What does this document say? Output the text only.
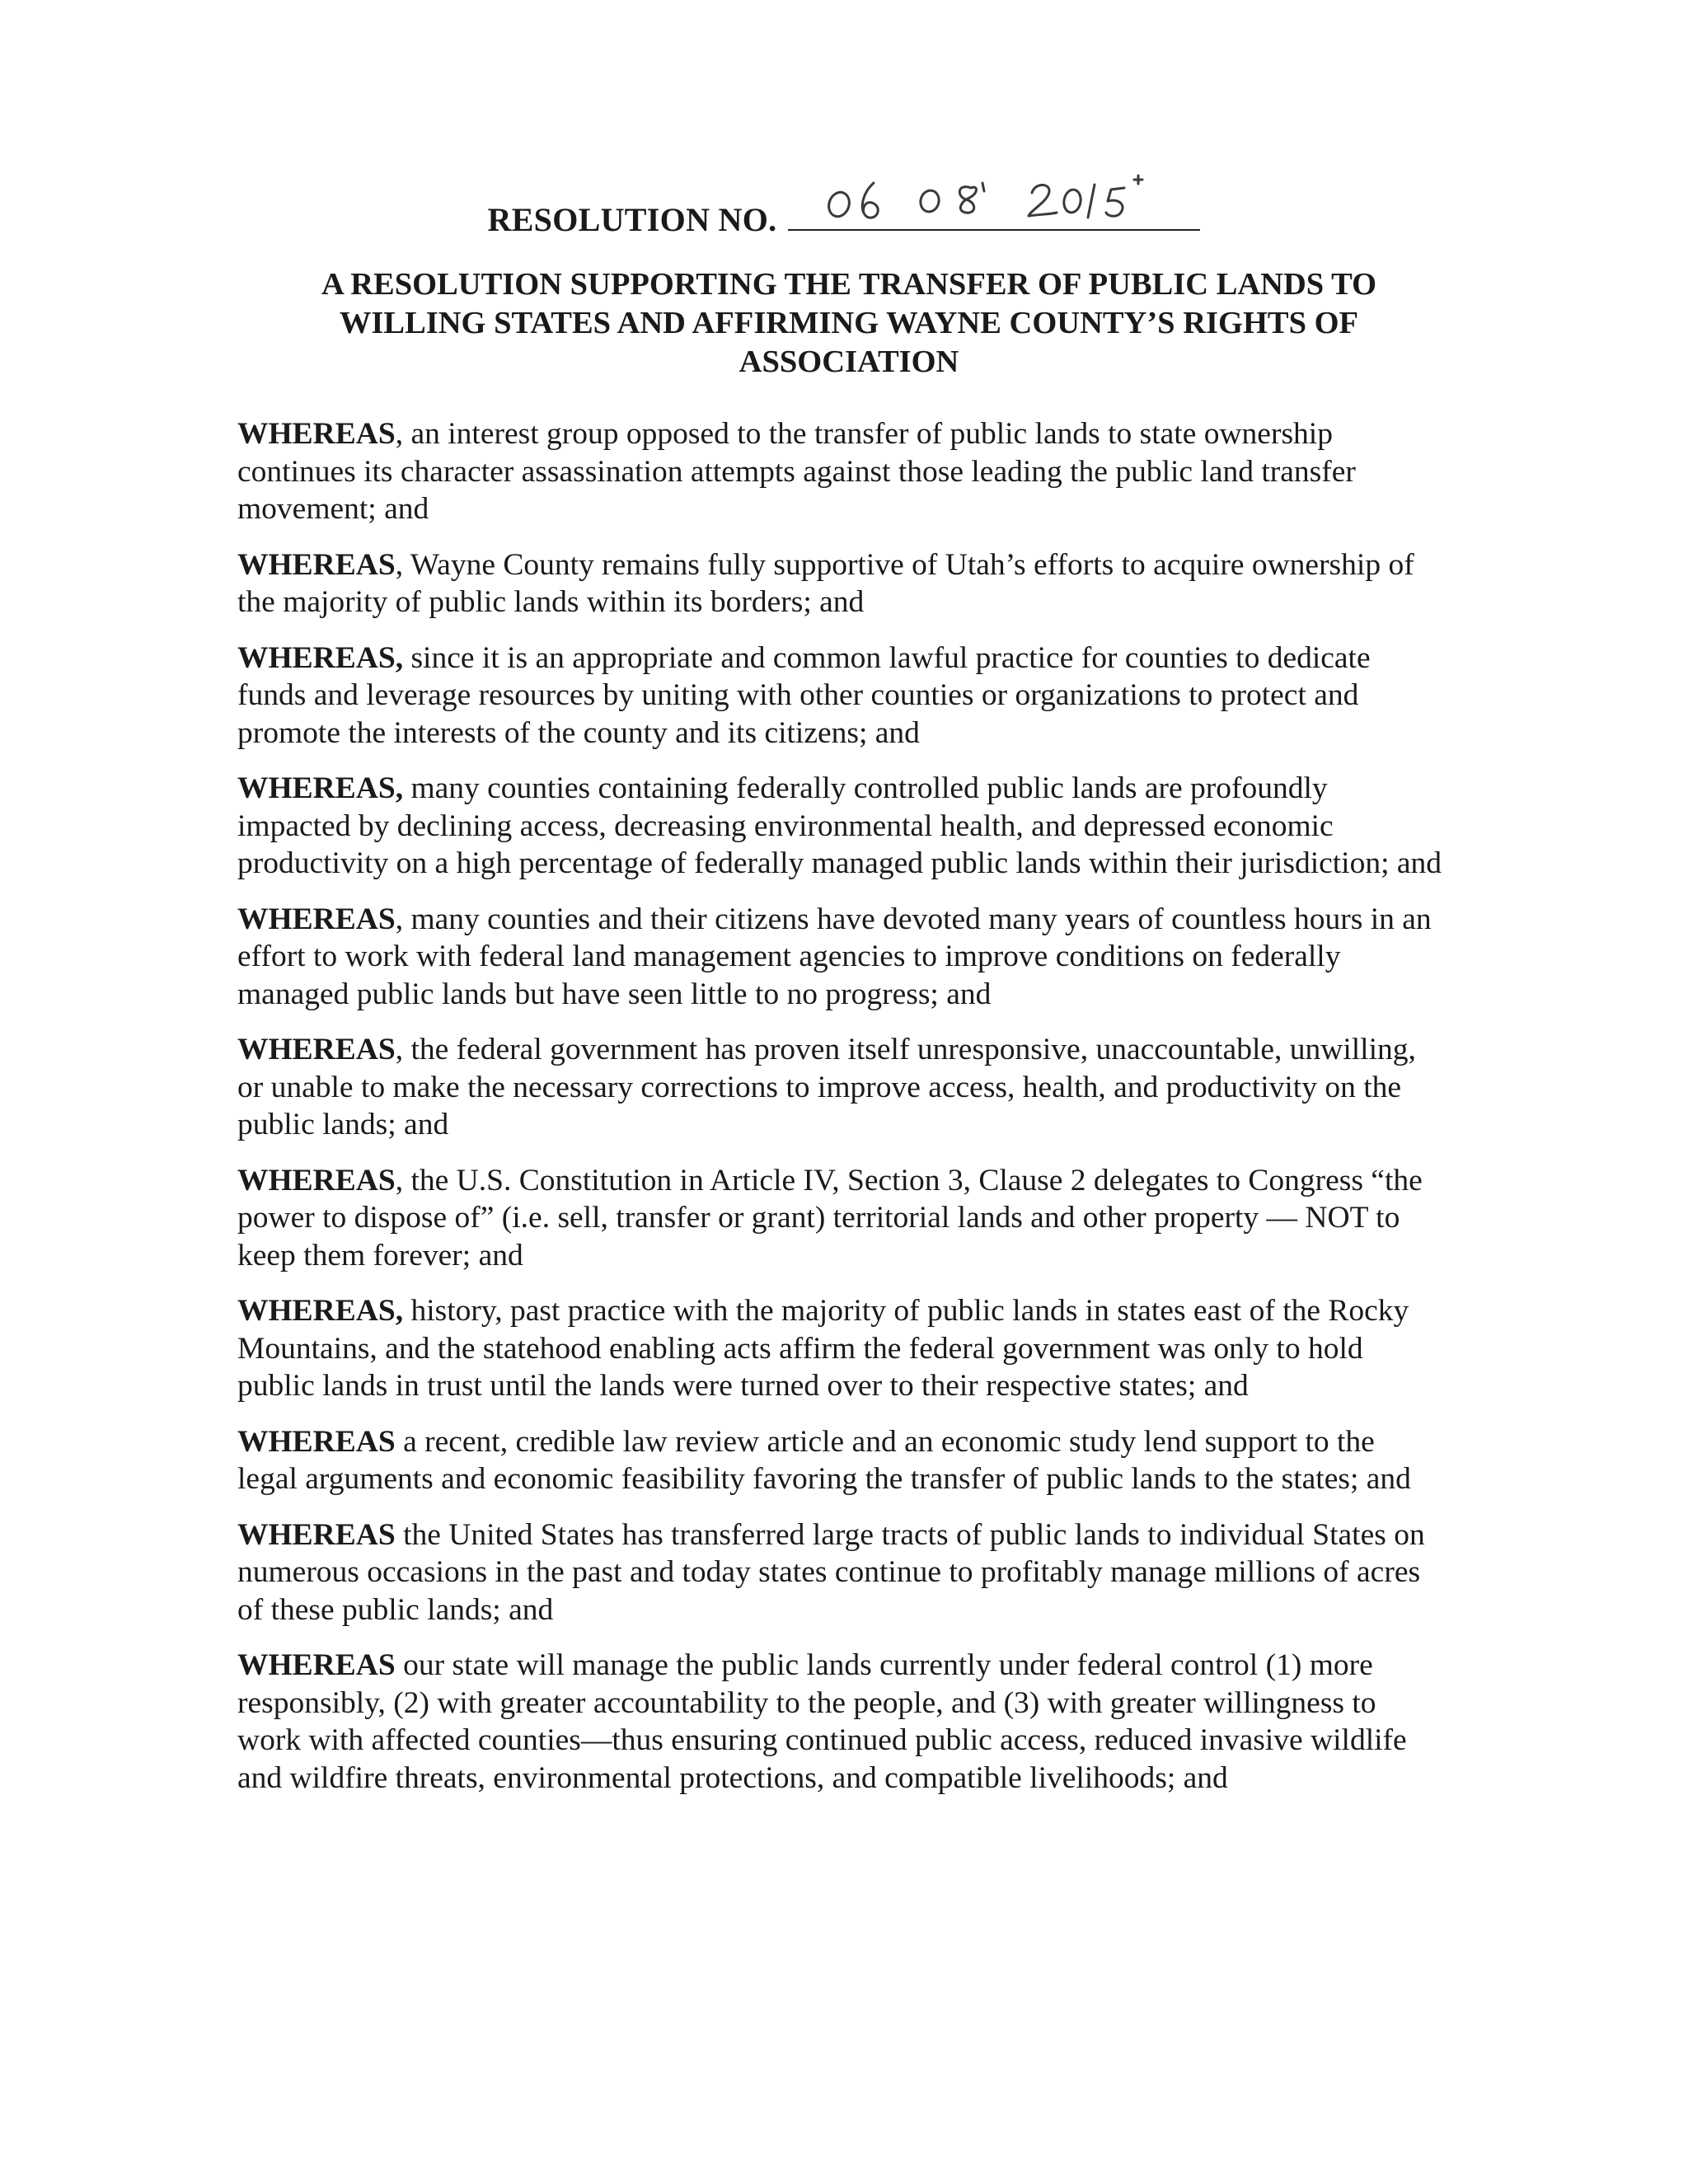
RESOLUTION NO.
A RESOLUTION SUPPORTING THE TRANSFER OF PUBLIC LANDS TO WILLING STATES AND AFFIRMING WAYNE COUNTY’S RIGHTS OF ASSOCIATION

WHEREAS, an interest group opposed to the transfer of public lands to state ownership continues its character assassination attempts against those leading the public land transfer movement; and

WHEREAS, Wayne County remains fully supportive of Utah’s efforts to acquire ownership of the majority of public lands within its borders; and

WHEREAS, since it is an appropriate and common lawful practice for counties to dedicate funds and leverage resources by uniting with other counties or organizations to protect and promote the interests of the county and its citizens; and

WHEREAS, many counties containing federally controlled public lands are profoundly impacted by declining access, decreasing environmental health, and depressed economic productivity on a high percentage of federally managed public lands within their jurisdiction; and

WHEREAS, many counties and their citizens have devoted many years of countless hours in an effort to work with federal land management agencies to improve conditions on federally managed public lands but have seen little to no progress; and

WHEREAS, the federal government has proven itself unresponsive, unaccountable, unwilling, or unable to make the necessary corrections to improve access, health, and productivity on the public lands; and

WHEREAS, the U.S. Constitution in Article IV, Section 3, Clause 2 delegates to Congress “the power to dispose of” (i.e. sell, transfer or grant) territorial lands and other property — NOT to keep them forever; and

WHEREAS, history, past practice with the majority of public lands in states east of the Rocky Mountains, and the statehood enabling acts affirm the federal government was only to hold public lands in trust until the lands were turned over to their respective states; and

WHEREAS a recent, credible law review article and an economic study lend support to the legal arguments and economic feasibility favoring the transfer of public lands to the states; and

WHEREAS the United States has transferred large tracts of public lands to individual States on numerous occasions in the past and today states continue to profitably manage millions of acres of these public lands; and

WHEREAS our state will manage the public lands currently under federal control (1) more responsibly, (2) with greater accountability to the people, and (3) with greater willingness to work with affected counties—thus ensuring continued public access, reduced invasive wildlife and wildfire threats, environmental protections, and compatible livelihoods; and
